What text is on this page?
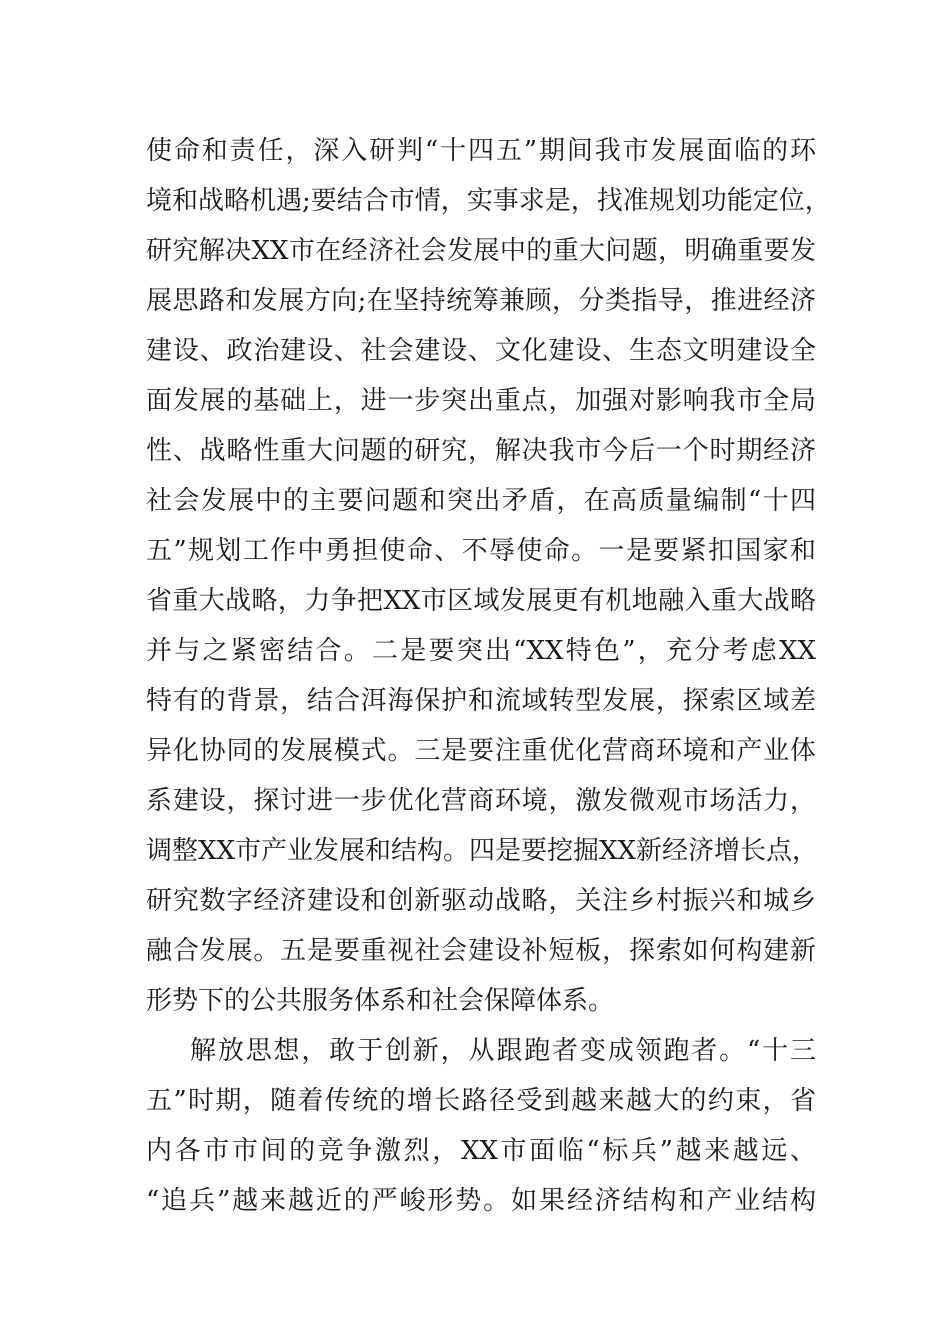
使命和责任，深入研判“十四五”期间我市发展面临的环
境和战略机遇;要结合市情，实事求是，找准规划功能定位，
研究解决XX市在经济社会发展中的重大问题，明确重要发
展思路和发展方向;在坚持统筹兼顾，分类指导，推进经济
建设、政治建设、社会建设、文化建设、生态文明建设全
面发展的基础上，进一步突出重点，加强对影响我市全局
性、战略性重大问题的研究，解决我市今后一个时期经济
社会发展中的主要问题和突出矛盾，在高质量编制“十四
五”规划工作中勇担使命、不辱使命。一是要紧扣国家和
省重大战略，力争把XX市区域发展更有机地融入重大战略
并与之紧密结合。二是要突出“XX特色”，充分考虑XX
特有的背景，结合洱海保护和流域转型发展，探索区域差
异化协同的发展模式。三是要注重优化营商环境和产业体
系建设，探讨进一步优化营商环境，激发微观市场活力，
调整XX市产业发展和结构。四是要挖掘XX新经济增长点，
研究数字经济建设和创新驱动战略，关注乡村振兴和城乡
融合发展。五是要重视社会建设补短板，探索如何构建新
形势下的公共服务体系和社会保障体系。
解放思想，敢于创新，从跟跑者变成领跑者。“十三
五”时期，随着传统的增长路径受到越来越大的约束，省
内各市市间的竞争激烈，XX市面临“标兵”越来越远、
“追兵”越来越近的严峻形势。如果经济结构和产业结构
